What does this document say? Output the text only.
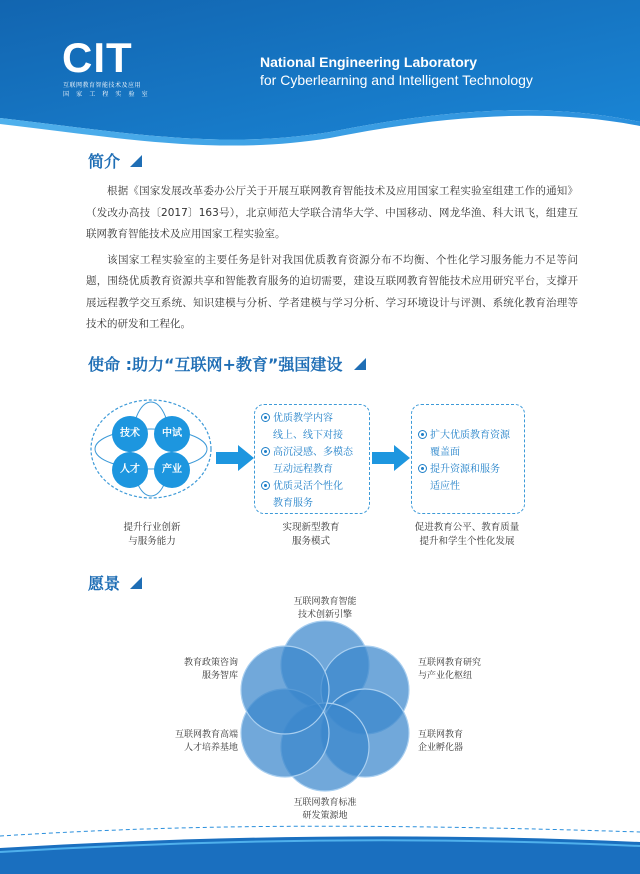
CIT
互联网教育智能技术及应用
国 家 工 程 实 验 室
National Engineering Laboratory
for Cyberlearning and Intelligent Technology
简介

根据《国家发展改革委办公厅关于开展互联网教育智能技术及应用国家工程实验室组建工作的通知》（发改办高技〔2017〕163号），北京师范大学联合清华大学、中国移动、网龙华渔、科大讯飞，组建互联网教育智能技术及应用国家工程实验室。

该国家工程实验室的主要任务是针对我国优质教育资源分布不均衡、个性化学习服务能力不足等问题，围绕优质教育资源共享和智能教育服务的迫切需要，建设互联网教育智能技术应用研究平台，支撑开展远程教学交互系统、知识建模与分析、学者建模与学习分析、学习环境设计与评测、系统化教育治理等技术的研发和工程化。

使命 :助力“互联网+教育”强国建设
技术	中试
人才	产业
优质教学内容
线上、线下对接
高沉浸感、多模态
互动远程教育
优质灵活个性化
教育服务
扩大优质教育资源
覆盖面
提升资源和服务
适应性
提升行业创新
与服务能力
实现新型教育
服务模式
促进教育公平、教育质量
提升和学生个性化发展
愿景
互联网教育智能
技术创新引擎
互联网教育研究
与产业化枢纽
互联网教育
企业孵化器
互联网教育标准
研发策源地
互联网教育高端
人才培养基地
教育政策咨询
服务智库
